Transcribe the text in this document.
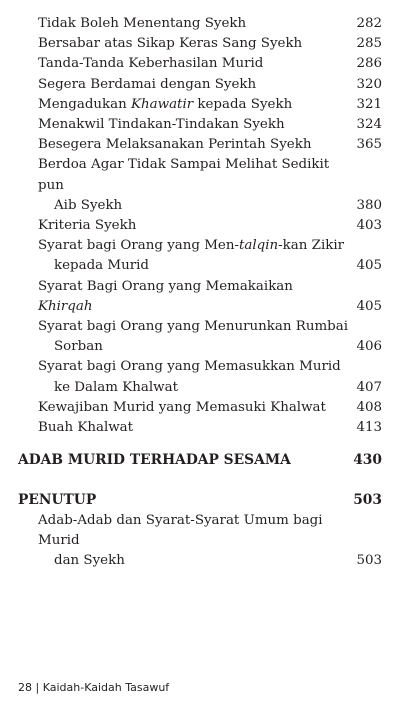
Tidak Boleh Menentang Syekh	282
Bersabar atas Sikap Keras Sang Syekh	285
Tanda-Tanda Keberhasilan Murid	286
Segera Berdamai dengan Syekh	320
Mengadukan Khawatir kepada Syekh	321
Menakwil Tindakan-Tindakan Syekh	324
Besegera Melaksanakan Perintah Syekh	365
Berdoa Agar Tidak Sampai Melihat Sedikit pun
Aib Syekh	380
Kriteria Syekh	403
Syarat bagi Orang yang Men-talqin-kan Zikir
kepada Murid	405
Syarat Bagi Orang yang Memakaikan Khirqah	405
Syarat bagi Orang yang Menurunkan Rumbai
Sorban	406
Syarat bagi Orang yang Memasukkan Murid
ke Dalam Khalwat	407
Kewajiban Murid yang Memasuki Khalwat	408
Buah Khalwat	413
ADAB MURID TERHADAP SESAMA	430
PENUTUP	503
Adab-Adab dan Syarat-Syarat Umum bagi Murid
dan Syekh	503
28 | Kaidah-Kaidah Tasawuf
